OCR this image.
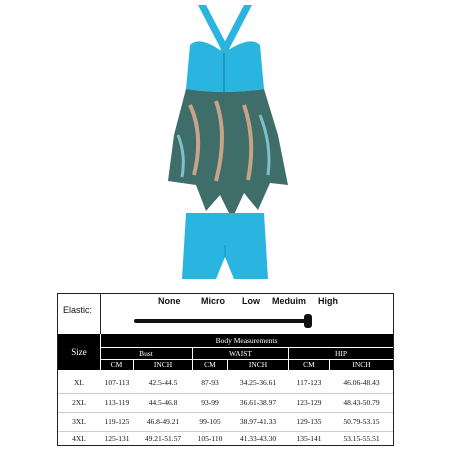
Elastic:
None Micro Low Meduim High
Body Measurements
Bust	WAIST	HIP
CM	INCH	CM	INCH	CM	INCH
Size
XL	107-113	42.5-44.5	87-93	34.25-36.61	117-123	46.06-48.43
2XL	113-119	44.5-46.8	93-99	36.61-38.97	123-129	48.43-50.79
3XL	119-125	46.8-49.21	99-105	38.97-41.33	129-135	50.79-53.15
4XL	125-131	49.21-51.57	105-110	41.33-43.30	135-141	53.15-55.51
